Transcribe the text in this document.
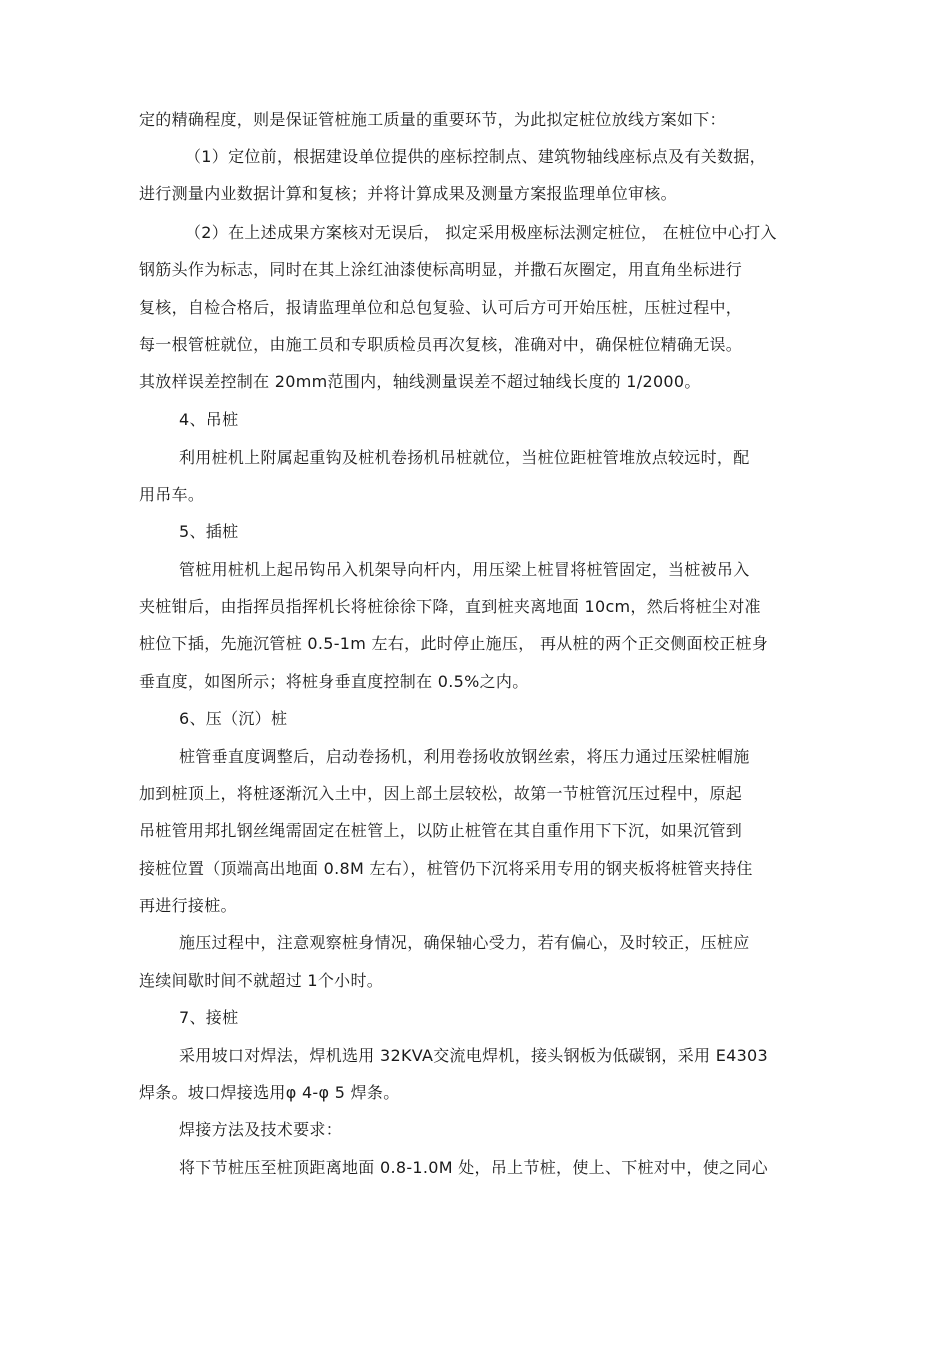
定的精确程度，则是保证管桩施工质量的重要环节，为此拟定桩位放线方案如下：
（1）定位前，根据建设单位提供的座标控制点、建筑物轴线座标点及有关数据，
进行测量内业数据计算和复核；并将计算成果及测量方案报监理单位审核。
（2）在上述成果方案核对无误后， 拟定采用极座标法测定桩位， 在桩位中心打入
钢筋头作为标志，同时在其上涂红油漆使标高明显，并撒石灰圈定，用直角坐标进行
复核，自检合格后，报请监理单位和总包复验、认可后方可开始压桩，压桩过程中，
每一根管桩就位，由施工员和专职质检员再次复核，准确对中，确保桩位精确无误。
其放样误差控制在 20mm范围内，轴线测量误差不超过轴线长度的 1/2000。
4、吊桩
利用桩机上附属起重钩及桩机卷扬机吊桩就位，当桩位距桩管堆放点较远时，配
用吊车。
5、插桩
管桩用桩机上起吊钩吊入机架导向杆内，用压梁上桩冒将桩管固定，当桩被吊入
夹桩钳后，由指挥员指挥机长将桩徐徐下降，直到桩夹离地面 10cm，然后将桩尘对准
桩位下插，先施沉管桩 0.5-1m 左右，此时停止施压， 再从桩的两个正交侧面校正桩身
垂直度，如图所示；将桩身垂直度控制在 0.5%之内。
6、压（沉）桩
桩管垂直度调整后，启动卷扬机，利用卷扬收放钢丝索，将压力通过压梁桩帽施
加到桩顶上，将桩逐渐沉入土中，因上部土层较松，故第一节桩管沉压过程中，原起
吊桩管用邦扎钢丝绳需固定在桩管上，以防止桩管在其自重作用下下沉，如果沉管到
接桩位置（顶端高出地面 0.8M 左右），桩管仍下沉将采用专用的钢夹板将桩管夹持住
再进行接桩。
施压过程中，注意观察桩身情况，确保轴心受力，若有偏心，及时较正，压桩应
连续间歇时间不就超过 1个小时。
7、接桩
采用坡口对焊法，焊机选用 32KVA交流电焊机，接头钢板为低碳钢，采用 E4303
焊条。坡口焊接选用φ 4-φ 5 焊条。
焊接方法及技术要求：
将下节桩压至桩顶距离地面 0.8-1.0M 处，吊上节桩，使上、下桩对中，使之同心
